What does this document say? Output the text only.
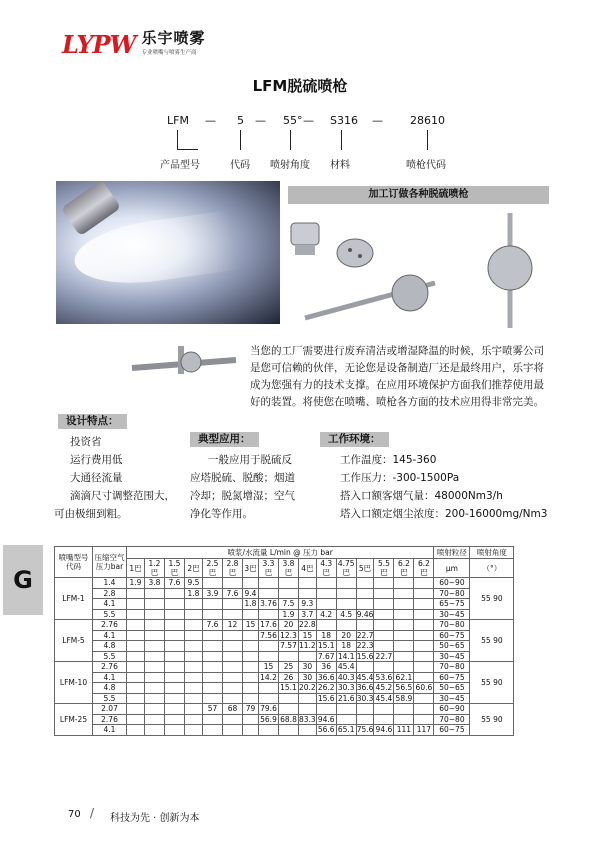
LYPW 乐宇喷雾
专业喷嘴与喷雾生产商
LFM脱硫喷枪
LFM — 5 — 55° — S316 — 28610
产品型号	代码 喷射角度 材料	喷枪代码
加工订做各种脱硫喷枪
当您的工厂需要进行废弃清洁或增湿降温的时候，乐宇喷雾公司是您可信赖的伙伴，无论您是设备制造厂还是最终用户，乐宇将成为您强有力的技术支撑。在应用环境保护方面我们推荐使用最好的装置。将使您在喷嘴、喷枪各方面的技术应用得非常完美。
设计特点：
投资省
运行费用低
大通径流量
滴滴尺寸调整范围大，
可由极细到粗。
典型应用：
一般应用于脱硫反
应塔脱硫、脱酸；烟道
冷却；脱氮增湿；空气
净化等作用。
工作环境：
工作温度：145-360
工作压力：-300-1500Pa
搭入口额客烟气量：48000Nm3/h
塔入口额定烟尘浓度：200-16000mg/Nm3
G
喷嘴型号代码	压缩空气压力bar	喷浆/水流量 L/min @ 压力 bar																喷射粒径	喷射角度
		1巴	1.2巴	1.5巴	2巴	2.5巴	2.8巴	3巴	3.3巴	3.8巴	4巴	4.3巴	4.75巴	5巴	5.5巴	6.2巴	6.2巴	μm	（°）
LFM-1	1.4	1.9	3.8	7.6	9.5													60~90	55 90
	2.8				1.8	3.9	7.6	9.4										70~80	
	4.1							1.8	3.76	7.5	9.3							65~75	
	5.5									1.9	3.7	4.2	4.5	9.46				30~45	
LFM-5	2.76					7.6	12	15	17.6	20	22.8							70~80	55 90
	4.1								7.56	12.3	15	18	20	22.7				60~75	
	4.8									7.57	11.2	15.1	18	22.3				50~65	
	5.5											7.67	14.1	15.6	22.7			30~45	
LFM-10	2.76								15	25	30	36	45.4					70~80	55 90
	4.1								14.2	26	30	36.6	40.3	45.4	53.6	62.1		60~75	
	4.8									15.1	20.2	26.2	30.3	36.6	45.2	56.5	60.6	50~65	
	5.5											15.6	21.6	30.3	45.4	58.9		30~45	
LFM-25	2.07					57	68	79	79.6									60~90	55 90
	2.76								56.9	68.8	83.3	94.6						70~80	
	4.1											56.6	65.1	75.6	94.6	111	117	60~75	
70 / 科技为先 · 创新为本
